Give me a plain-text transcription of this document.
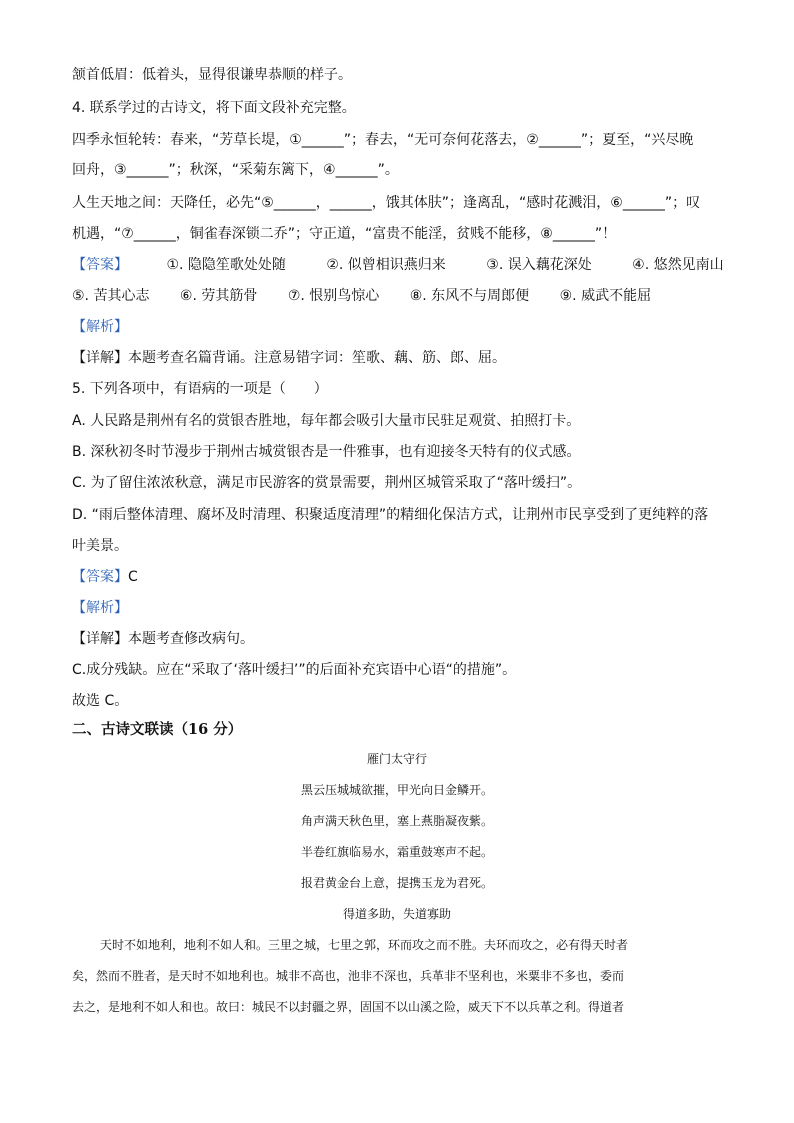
颔首低眉：低着头，显得很谦卑恭顺的样子。
4. 联系学过的古诗文，将下面文段补充完整。
四季永恒轮转：春来，“芳草长堤，①______”；春去，“无可奈何花落去，②______”；夏至，“兴尽晚
回舟，③______”；秋深，“采菊东篱下，④______”。
人生天地之间：天降任，必先“⑤______，______，饿其体肤”；逢离乱，“感时花溅泪，⑥______”；叹
机遇，“⑦______，铜雀春深锁二乔”；守正道，“富贵不能淫，贫贱不能移，⑧______”！
【答案】	①. 隐隐笙歌处处随	②. 似曾相识燕归来	③. 误入藕花深处	④. 悠然见南山
⑤. 苦其心志 ⑥. 劳其筋骨 ⑦. 恨别鸟惊心 ⑧. 东风不与周郎便 ⑨. 威武不能屈
【解析】
【详解】本题考查名篇背诵。注意易错字词：笙歌、藕、筋、郎、屈。
5. 下列各项中，有语病的一项是（　　）
A. 人民路是荆州有名的赏银杏胜地，每年都会吸引大量市民驻足观赏、拍照打卡。
B. 深秋初冬时节漫步于荆州古城赏银杏是一件雅事，也有迎接冬天特有的仪式感。
C. 为了留住浓浓秋意，满足市民游客的赏景需要，荆州区城管采取了“落叶缓扫”。
D. “雨后整体清理、腐坏及时清理、积聚适度清理”的精细化保洁方式，让荆州市民享受到了更纯粹的落
叶美景。
【答案】C
【解析】
【详解】本题考查修改病句。
C.成分残缺。应在“采取了‘落叶缓扫’”的后面补充宾语中心语“的措施”。
故选 C。
二、古诗文联读（16 分）
雁门太守行
黑云压城城欲摧，甲光向日金鳞开。
角声满天秋色里，塞上燕脂凝夜紫。
半卷红旗临易水，霜重鼓寒声不起。
报君黄金台上意，提携玉龙为君死。
得道多助，失道寡助
天时不如地利，地利不如人和。三里之城，七里之郭，环而攻之而不胜。夫环而攻之，必有得天时者
矣，然而不胜者，是天时不如地利也。城非不高也，池非不深也，兵革非不坚利也，米粟非不多也，委而
去之，是地利不如人和也。故曰：城民不以封疆之界，固国不以山溪之险，威天下不以兵革之利。得道者
